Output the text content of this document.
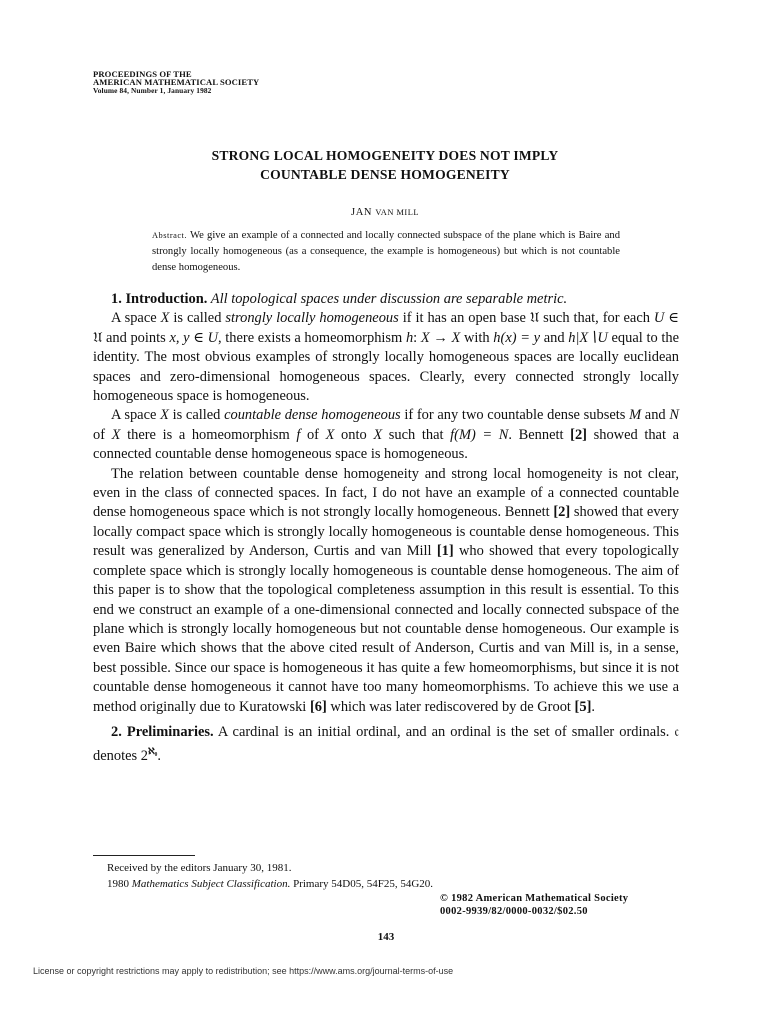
PROCEEDINGS OF THE
AMERICAN MATHEMATICAL SOCIETY
Volume 84, Number 1, January 1982
STRONG LOCAL HOMOGENEITY DOES NOT IMPLY
COUNTABLE DENSE HOMOGENEITY
JAN VAN MILL
Abstract. We give an example of a connected and locally connected subspace of the plane which is Baire and strongly locally homogeneous (as a consequence, the example is homogeneous) but which is not countable dense homogeneous.

1. Introduction. All topological spaces under discussion are separable metric.

A space X is called strongly locally homogeneous if it has an open base 𝔘 such that, for each U ∈ 𝔘 and points x, y ∈ U, there exists a homeomorphism h: X → X with h(x) = y and h|X∖U equal to the identity. The most obvious examples of strongly locally homogeneous spaces are locally euclidean spaces and zero-dimensional homogeneous spaces. Clearly, every connected strongly locally homogeneous space is homogeneous.

A space X is called countable dense homogeneous if for any two countable dense subsets M and N of X there is a homeomorphism f of X onto X such that f(M) = N. Bennett [2] showed that a connected countable dense homogeneous space is homogeneous.

The relation between countable dense homogeneity and strong local homogeneity is not clear, even in the class of connected spaces. In fact, I do not have an example of a connected countable dense homogeneous space which is not strongly locally homogeneous. Bennett [2] showed that every locally compact space which is strongly locally homogeneous is countable dense homogeneous. This result was generalized by Anderson, Curtis and van Mill [1] who showed that every topologically complete space which is strongly locally homogeneous is countable dense homogeneous. The aim of this paper is to show that the topological completeness assumption in this result is essential. To this end we construct an example of a one-dimensional connected and locally connected subspace of the plane which is strongly locally homogeneous but not countable dense homogeneous. Our example is even Baire which shows that the above cited result of Anderson, Curtis and van Mill is, in a sense, best possible. Since our space is homogeneous it has quite a few homeomorphisms, but since it is not countable dense homogeneous it cannot have too many homeomorphisms. To achieve this we use a method originally due to Kuratowski [6] which was later rediscovered by de Groot [5].

2. Preliminaries. A cardinal is an initial ordinal, and an ordinal is the set of smaller ordinals. 𝔠 denotes $2^{ℵ_0}$.

Received by the editors January 30, 1981.
1980 Mathematics Subject Classification. Primary 54D05, 54F25, 54G20.
© 1982 American Mathematical Society
0002-9939/82/0000-0032/$02.50
143
License or copyright restrictions may apply to redistribution; see https://www.ams.org/journal-terms-of-use
